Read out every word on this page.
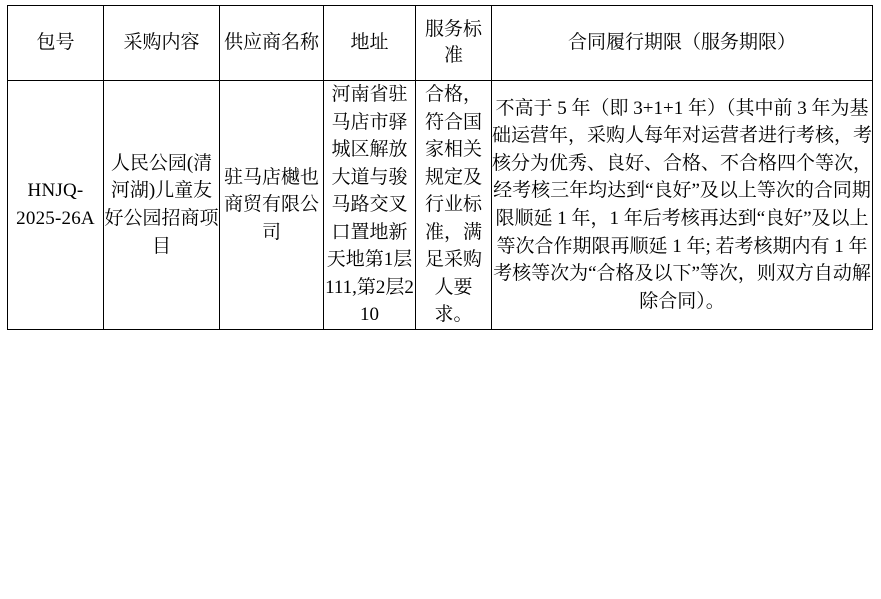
包号	采购内容	供应商名称	地址	服务标准	合同履行期限（服务期限）

HNJQ-2025-26A	人民公园(清河湖)儿童友好公园招商项目	驻马店樾也商贸有限公司	河南省驻马店市驿城区解放大道与骏马路交叉口置地新天地第1层111,第2层210	合格，符合国家相关规定及行业标准，满足采购人要求。	不高于 5 年（即 3+1+1 年）（其中前 3 年为基础运营年，采购人每年对运营者进行考核，考核分为优秀、良好、合格、不合格四个等次，经考核三年均达到“良好”及以上等次的合同期限顺延 1 年，1 年后考核再达到“良好”及以上等次合作期限再顺延 1 年; 若考核期内有 1 年考核等次为“合格及以下”等次，则双方自动解除合同）。
